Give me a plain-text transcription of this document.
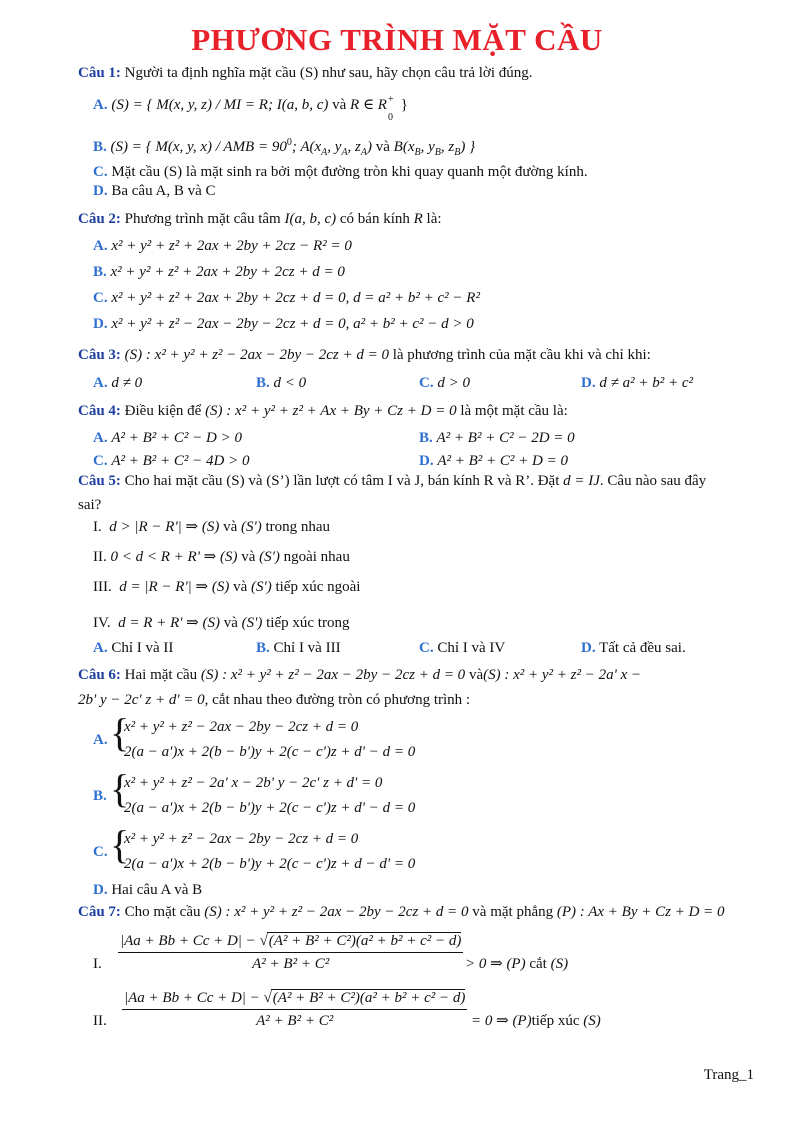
PHƯƠNG TRÌNH MẶT CẦU
Câu 1: Người ta định nghĩa mặt cầu (S) như sau, hãy chọn câu trả lời đúng.
A. (S) = { M(x, y, z) / MI = R; I(a, b, c) và R ∈ R +
0
}
B. (S) = { M(x, y, x) / AMB = $90^0$; $A(x_A$, $y_A$, $z_A$) và $B(x_B$, $y_B$, $z_B$) }
C. Mặt cầu (S) là mặt sinh ra bởi một đường tròn khi quay quanh một đường kính.
D. Ba câu A, B và C
Câu 2: Phương trình mặt câu tâm I(a, b, c) có bán kính R là:
A. x² + y² + z² + 2ax + 2by + 2cz − R² = 0
B. x² + y² + z² + 2ax + 2by + 2cz + d = 0
C. x² + y² + z² + 2ax + 2by + 2cz + d = 0, d = a² + b² + c² − R²
D. x² + y² + z² − 2ax − 2by − 2cz + d = 0, a² + b² + c² − d > 0
Câu 3: (S) : x² + y² + z² − 2ax − 2by − 2cz + d = 0 là phương trình của mặt cầu khi và chỉ khi:
A. d ≠ 0	B. d < 0	C. d > 0	D. d ≠ a² + b² + c²
Câu 4: Điều kiện để (S) : x² + y² + z² + Ax + By + Cz + D = 0 là một mặt cầu là:
A. A² + B² + C² − D > 0	B. A² + B² + C² − 2D = 0
C. A² + B² + C² − 4D > 0	D. A² + B² + C² + D = 0
Câu 5: Cho hai mặt cầu (S) và (S’) lần lượt có tâm I và J, bán kính R và R’. Đặt d = IJ. Câu nào sau đây
sai?
I. d > |R − R'| ⇒ (S) và (S') trong nhau
II. 0 < d < R + R' ⇒ (S) và (S') ngoài nhau
III. d = |R − R'| ⇒ (S) và (S') tiếp xúc ngoài
IV. d = R + R' ⇒ (S) và (S') tiếp xúc trong
A. Chỉ I và II	B. Chỉ I và III	C. Chỉ I và IV	D. Tất cả đều sai.
Câu 6: Hai mặt cầu (S) : x² + y² + z² − 2ax − 2by − 2cz + d = 0 và(S) : x² + y² + z² − 2a' x −
2b' y − 2c' z + d' = 0, cắt nhau theo đường tròn có phương trình :
A. {
x² + y² + z² − 2ax − 2by − 2cz + d = 0
2(a − a')x + 2(b − b')y + 2(c − c')z + d' − d = 0
B. {
x² + y² + z² − 2a' x − 2b' y − 2c' z + d' = 0
2(a − a')x + 2(b − b')y + 2(c − c')z + d' − d = 0
C. {
x² + y² + z² − 2ax − 2by − 2cz + d = 0
2(a − a')x + 2(b − b')y + 2(c − c')z + d − d' = 0
D. Hai câu A và B
Câu 7: Cho mặt cầu (S) : x² + y² + z² − 2ax − 2by − 2cz + d = 0 và mặt phẳng (P) : Ax + By + Cz + D = 0
I. $\frac{\text{|Aa + Bb + Cc + D| − √(A² + B² + C²)(a² + b² + c² − d)}}{\text{A² + B² + C²}} > 0$ ⇒ (P) cắt (S)
II. $\frac{\text{|Aa + Bb + Cc + D| − √(A² + B² + C²)(a² + b² + c² − d)}}{\text{A² + B² + C²}} = 0$ ⇒ (P)tiếp xúc (S)
Trang_1
